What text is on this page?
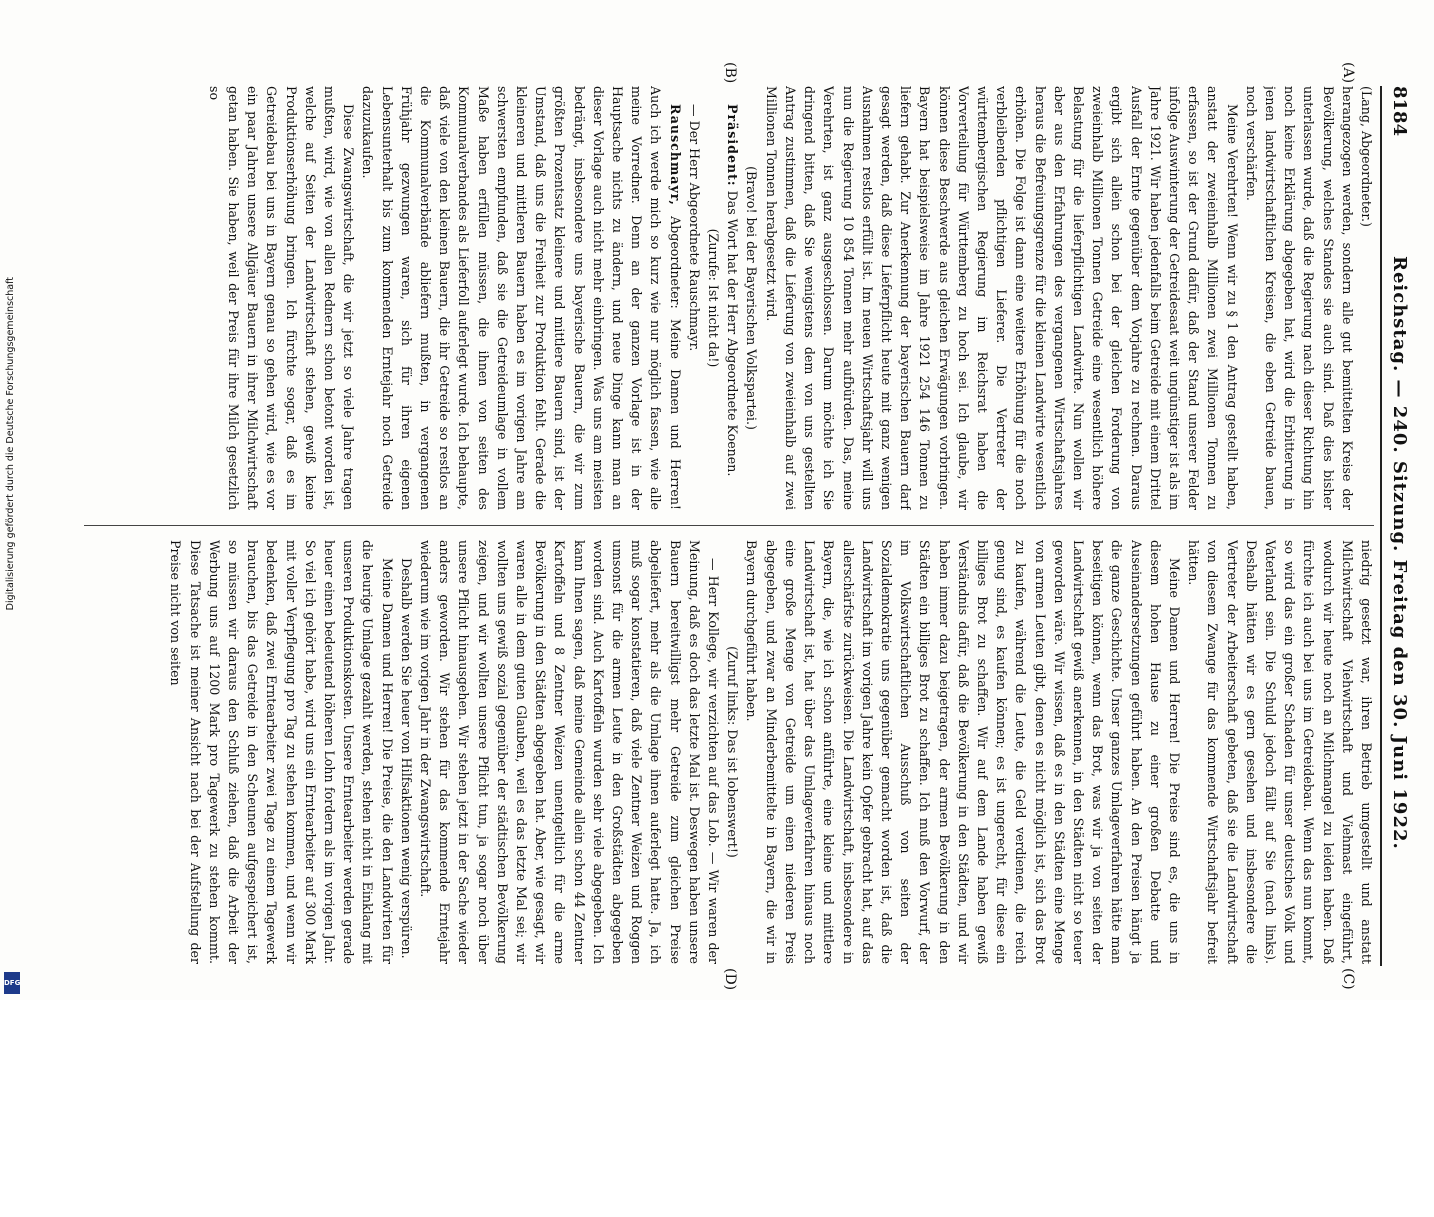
8184
Reichstag. — 240. Sitzung. Freitag den 30. Juni 1922.
(A)
(B)
(C)
(D)

(Lang, Abgeordneter.)

herangezogen werden, sondern alle gut bemittelten Kreise der Bevölkerung, welches Standes sie auch sind. Daß dies bisher unterlassen wurde, daß die Regierung nach dieser Richtung hin noch keine Erklärung abgegeben hat, wird die Erbitterung in jenen landwirtschaftlichen Kreisen, die eben Getreide bauen, noch verschärfen.

Meine Verehrten! Wenn wir zu § 1 den Antrag gestellt haben, anstatt der zweieinhalb Millionen zwei Millionen Tonnen zu erfassen, so ist der Grund dafür, daß der Stand unserer Felder infolge Auswinterung der Getreidesaat weit ungünstiger ist als im Jahre 1921. Wir haben jedenfalls beim Getreide mit einem Drittel Ausfall der Ernte gegenüber dem Vorjahre zu rechnen. Daraus ergibt sich allein schon bei der gleichen Forderung von zweieinhalb Millionen Tonnen Getreide eine wesentlich höhere Belastung für die lieferpflichtigen Landwirte. Nun wollen wir aber aus den Erfahrungen des vergangenen Wirtschaftsjahres heraus die Befreiungsgrenze für die kleinen Landwirte wesentlich erhöhen. Die Folge ist dann eine weitere Erhöhung für die noch verbleibenden pflichtigen Lieferer. Die Vertreter der württembergischen Regierung im Reichsrat haben die Vorverteilung für Württemberg zu hoch sei. Ich glaube, wir können diese Beschwerde aus gleichen Erwägungen vorbringen. Bayern hat beispielsweise im Jahre 1921 254 146 Tonnen zu liefern gehabt. Zur Anerkennung der bayerischen Bauern darf gesagt werden, daß diese Lieferpflicht heute mit ganz wenigen Ausnahmen restlos erfüllt ist. Im neuen Wirtschaftsjahr will uns nun die Regierung 10 854 Tonnen mehr aufbürden. Das, meine Verehrten, ist ganz ausgeschlossen. Darum möchte ich Sie dringend bitten, daß Sie wenigstens dem von uns gestellten Antrag zustimmen, daß die Lieferung von zweieinhalb auf zwei Millionen Tonnen herabgesetzt wird.

(Bravo! bei der Bayerischen Volkspartei.)

Präsident: Das Wort hat der Herr Abgeordnete Koenen.

(Zurufe: Ist nicht da!)

— Der Herr Abgeordnete Rauschmayr.

Rauschmayr, Abgeordneter: Meine Damen und Herren! Auch ich werde mich so kurz wie nur möglich fassen, wie alle meine Vorredner. Denn an der ganzen Vorlage ist in der Hauptsache nichts zu ändern, und neue Dinge kann man an dieser Vorlage auch nicht mehr einbringen. Was uns am meisten bedrängt, insbesondere uns bayerische Bauern, die wir zum größten Prozentsatz kleinere und mittlere Bauern sind, ist der Umstand, daß uns die Freiheit zur Produktion fehlt. Gerade die kleineren und mittleren Bauern haben es im vorigen Jahre am schwersten empfunden, daß sie die Getreideumlage in vollem Maße haben erfüllen müssen, die ihnen von seiten des Kommunalverbandes als Lieferfoll auferlegt wurde. Ich behaupte, daß viele von den kleinen Bauern, die ihr Getreide so restlos an die Kommunalverbände abliefern mußten, in vergangenen Frühjahr gezwungen waren, sich für ihren eigenen Lebensunterhalt bis zum kommenden Erntejahr noch Getreide dazuzukaufen.

Diese Zwangswirtschaft, die wir jetzt so viele Jahre tragen mußten, wird, wie von allen Rednern schon betont worden ist, welche auf Seiten der Landwirtschaft stehen, gewiß keine Produktionserhöhung bringen. Ich fürchte sogar, daß es im Getreidebau bei uns in Bayern genau so gehen wird, wie es vor ein paar Jahren unsere Allgäuer Bauern in ihrer Milchwirtschaft getan haben. Sie haben, weil der Preis für ihre Milch gesetzlich so

niedrig gesetzt war, ihren Betrieb umgestellt und anstatt Milchwirtschaft Viehwirtschaft und Viehmast eingeführt, wodurch wir heute noch an Milchmangel zu leiden haben. Daß fürchte ich auch bei uns im Getreidebau. Wenn das nun kommt, so wird das ein großer Schaden für unser deutsches Volk und Vaterland sein. Die Schuld jedoch fällt auf Sie (nach links). Deshalb hätten wir es gern gesehen und insbesondere die Vertreter der Arbeiterschaft gebeten, daß sie die Landwirtschaft von diesem Zwange für das kommende Wirtschaftsjahr befreit hätten.

Meine Damen und Herren! Die Preise sind es, die uns in diesem hohen Hause zu einer großen Debatte und Auseinandersetzungen geführt haben. An den Preisen hängt ja die ganze Geschichte. Unser ganzes Umlageverfahren hätte man beseitigen können, wenn das Brot, was wir ja von seiten der Landwirtschaft gewiß anerkennen, in den Städten nicht so teuer geworden wäre. Wir wissen, daß es in den Städten eine Menge von armen Leuten gibt, denen es nicht möglich ist, sich das Brot zu kaufen, während die Leute, die Geld verdienen, die reich genug sind, es kaufen können; es ist ungerecht, für diese ein billiges Brot zu schaffen. Wir auf dem Lande haben gewiß Verständnis dafür, daß die Bevölkerung in den Städten, und wir haben immer dazu beigetragen, der armen Bevölkerung in den Städten ein billiges Brot zu schaffen. Ich muß den Vorwurf, der im Volkswirtschaftlichen Ausschuß von seiten der Sozialdemokratie uns gegenüber gemacht worden ist, daß die Landwirtschaft im vorigen Jahre kein Opfer gebracht hat, auf das allerschärfste zurückweisen. Die Landwirtschaft, insbesondere in Bayern, die, wie ich schon anführte, eine kleine und mittlere Landwirtschaft ist, hat über das Umlageverfahren hinaus noch eine große Menge von Getreide um einen niederen Preis abgegeben, und zwar an Minderbemittelte in Bayern, die wir in Bayern durchgeführt haben.

(Zuruf links: Das ist lobenswert!)

— Herr Kollege, wir verzichten auf das Lob. — Wir waren der Meinung, daß es doch das letzte Mal ist. Deswegen haben unsere Bauern bereitwilligst mehr Getreide zum gleichen Preise abgeliefert, mehr als die Umlage ihnen auferlegt hatte. Ja, ich muß sogar konstatieren, daß viele Zentner Weizen und Roggen umsonst für die armen Leute in den Großstädten abgegeben worden sind. Auch Kartoffeln wurden sehr viele abgegeben. Ich kann Ihnen sagen, daß meine Gemeinde allein schon 44 Zentner Kartoffeln und 8 Zentner Weizen unentgeltlich für die arme Bevölkerung in den Städten abgegeben hat. Aber, wie gesagt, wir waren alle in dem guten Glauben, weil es das letzte Mal sei; wir wollten uns gewiß sozial gegenüber der städtischen Bevölkerung zeigen, und wir wollten unsere Pflicht tun, ja sogar noch über unsere Pflicht hinausgehen. Wir stehen jetzt in der Sache wieder anders geworden. Wir stehen für das kommende Erntejahr wiederum wie im vorigen Jahr in der Zwangswirtschaft.

Deshalb werden Sie heuer von Hilfsaktionen wenig verspüren.

Meine Damen und Herren! Die Preise, die den Landwirten für die heurige Umlage gezahlt werden, stehen nicht in Einklang mit unseren Produktionskosten. Unsere Erntearbeiter werden gerade heuer einen bedeutend höheren Lohn fordern als im vorigen Jahr. So viel ich gehört habe, wird uns ein Erntearbeiter auf 300 Mark mit voller Verpflegung pro Tag zu stehen kommen, und wenn wir bedenken, daß zwei Erntearbeiter zwei Tage zu einem Tagewerk brauchen, bis das Getreide in den Scheunen aufgespeichert ist, so müssen wir daraus den Schluß ziehen, daß die Arbeit der Werbung uns auf 1200 Mark pro Tagewerk zu stehen kommt. Diese Tatsache ist meiner Ansicht nach bei der Aufstellung der Preise nicht von seiten

DFG
Digitalisierung gefördert durch die Deutsche Forschungsgemeinschaft
